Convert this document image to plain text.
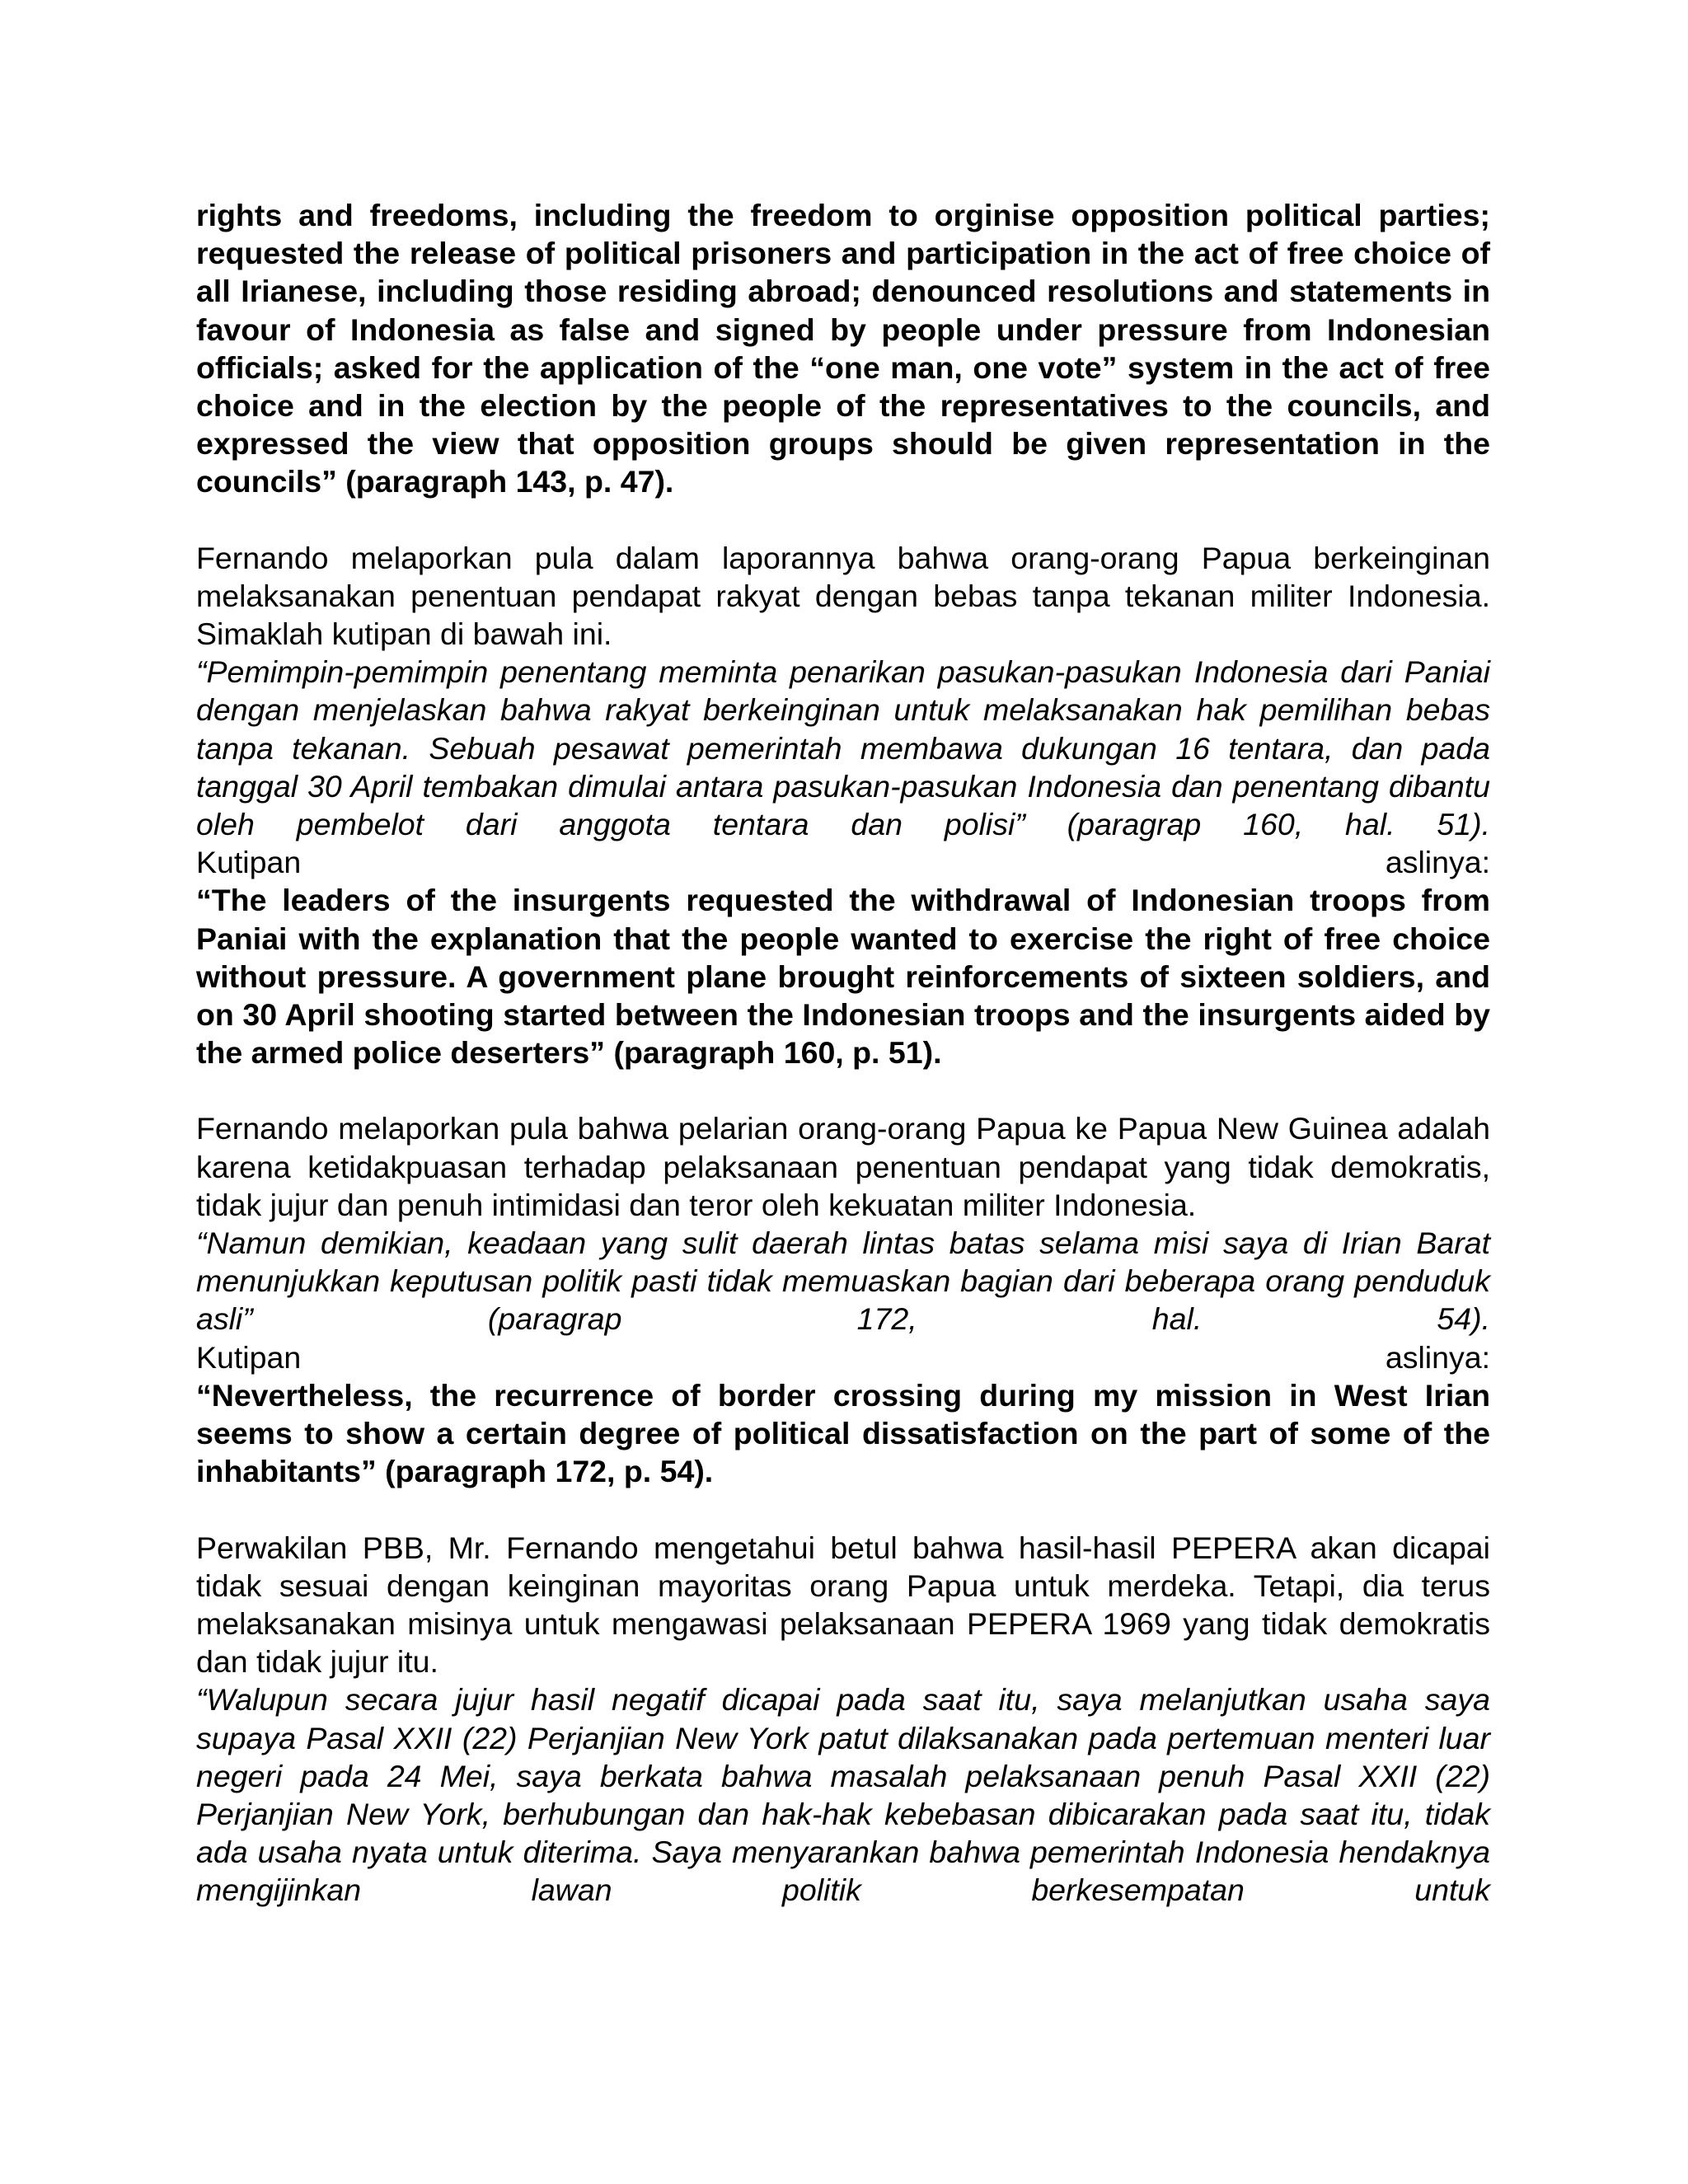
rights and freedoms, including the freedom to orginise opposition political parties; requested the release of political prisoners and participation in the act of free choice of all Irianese, including those residing abroad; denounced resolutions and statements in favour of Indonesia as false and signed by people under pressure from Indonesian officials; asked for the application of the “one man, one vote” system in the act of free choice and in the election by the people of the representatives to the councils, and expressed the view that opposition groups should be given representation in the councils” (paragraph 143, p. 47).

Fernando melaporkan pula dalam laporannya bahwa orang-orang Papua berkeinginan melaksanakan penentuan pendapat rakyat dengan bebas tanpa tekanan militer Indonesia. Simaklah kutipan di bawah ini.

“Pemimpin-pemimpin penentang meminta penarikan pasukan-pasukan Indonesia dari Paniai dengan menjelaskan bahwa rakyat berkeinginan untuk melaksanakan hak pemilihan bebas tanpa tekanan. Sebuah pesawat pemerintah membawa dukungan 16 tentara, dan pada tanggal 30 April tembakan dimulai antara pasukan-pasukan Indonesia dan penentang dibantu oleh pembelot dari anggota tentara dan polisi” (paragrap 160, hal. 51).

Kutipan aslinya:

“The leaders of the insurgents requested the withdrawal of Indonesian troops from Paniai with the explanation that the people wanted to exercise the right of free choice without pressure. A government plane brought reinforcements of sixteen soldiers, and on 30 April shooting started between the Indonesian troops and the insurgents aided by the armed police deserters” (paragraph 160, p. 51).

Fernando melaporkan pula bahwa pelarian orang-orang Papua ke Papua New Guinea adalah karena ketidakpuasan terhadap pelaksanaan penentuan pendapat yang tidak demokratis, tidak jujur dan penuh intimidasi dan teror oleh kekuatan militer Indonesia.

“Namun demikian, keadaan yang sulit daerah lintas batas selama misi saya di Irian Barat menunjukkan keputusan politik pasti tidak memuaskan bagian dari beberapa orang penduduk asli” (paragrap 172, hal. 54).

Kutipan aslinya:

“Nevertheless, the recurrence of border crossing during my mission in West Irian seems to show a certain degree of political dissatisfaction on the part of some of the inhabitants” (paragraph 172, p. 54).

Perwakilan PBB, Mr. Fernando mengetahui betul bahwa hasil-hasil PEPERA akan dicapai tidak sesuai dengan keinginan mayoritas orang Papua untuk merdeka. Tetapi, dia terus melaksanakan misinya untuk mengawasi pelaksanaan PEPERA 1969 yang tidak demokratis dan tidak jujur itu.

“Walupun secara jujur hasil negatif dicapai pada saat itu, saya melanjutkan usaha saya supaya Pasal XXII (22) Perjanjian New York patut dilaksanakan pada pertemuan menteri luar negeri pada 24 Mei, saya berkata bahwa masalah pelaksanaan penuh Pasal XXII (22) Perjanjian New York, berhubungan dan hak-hak kebebasan dibicarakan pada saat itu, tidak ada usaha nyata untuk diterima. Saya menyarankan bahwa pemerintah Indonesia hendaknya mengijinkan lawan politik berkesempatan untuk
